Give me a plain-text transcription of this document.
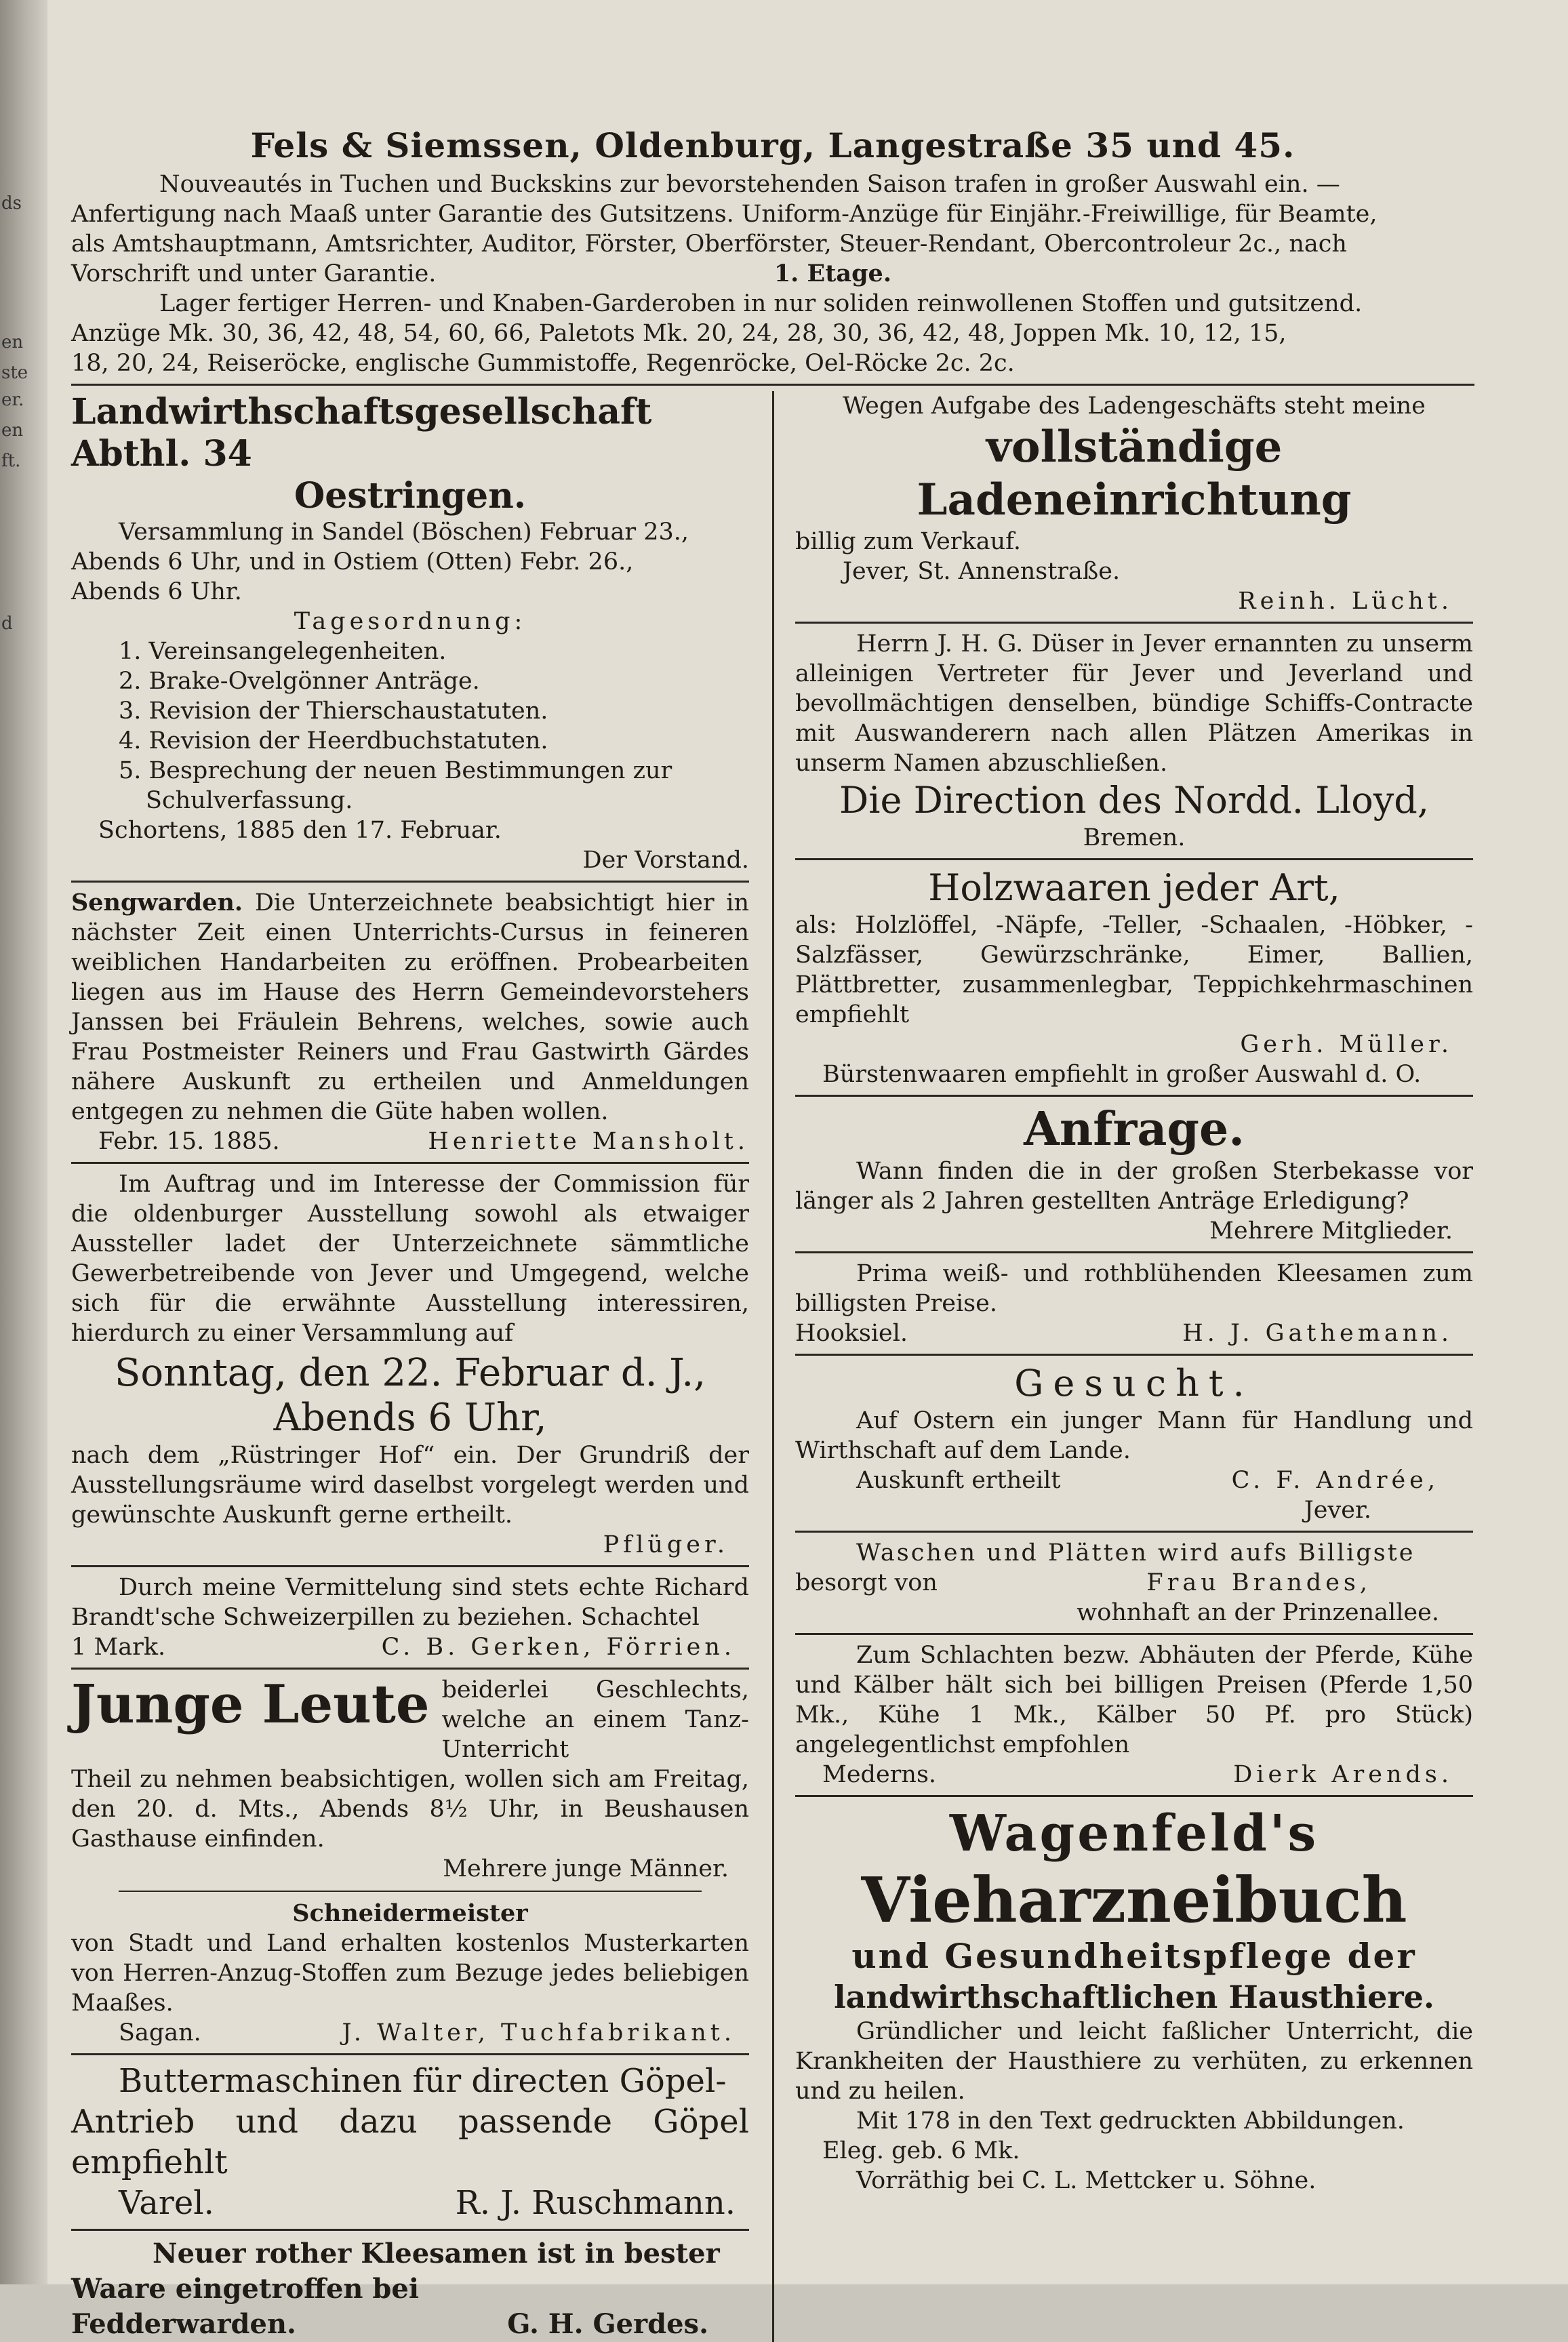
ds
en
ste
er.
en
ft.
d
Fels & Siemssen, Oldenburg, Langestraße 35 und 45.
Nouveautés in Tuchen und Buckskins zur bevorstehenden Saison trafen in großer Auswahl ein. —
Anfertigung nach Maaß unter Garantie des Gutsitzens. Uniform-Anzüge für Einjähr.-Freiwillige, für Beamte,
als Amtshauptmann, Amtsrichter, Auditor, Förster, Oberförster, Steuer-Rendant, Obercontroleur 2c., nach
Vorschrift und unter Garantie.	1. Etage.
Lager fertiger Herren- und Knaben-Garderoben in nur soliden reinwollenen Stoffen und gutsitzend.
Anzüge Mk. 30, 36, 42, 48, 54, 60, 66, Paletots Mk. 20, 24, 28, 30, 36, 42, 48, Joppen Mk. 10, 12, 15,
18, 20, 24, Reiseröcke, englische Gummistoffe, Regenröcke, Oel-Röcke 2c. 2c.
Landwirthschaftsgesellschaft Abthl. 34
Oestringen.
Versammlung in Sandel (Böschen) Februar 23.,
Abends 6 Uhr, und in Ostiem (Otten) Febr. 26.,
Abends 6 Uhr.
Tagesordnung:
1. Vereinsangelegenheiten.
2. Brake-Ovelgönner Anträge.
3. Revision der Thierschaustatuten.
4. Revision der Heerdbuchstatuten.
5. Besprechung der neuen Bestimmungen zur
Schulverfassung.
Schortens, 1885 den 17. Februar.
Der Vorstand.
Sengwarden. Die Unterzeichnete beabsichtigt hier in nächster Zeit einen Unterrichts-Cursus in feineren weiblichen Handarbeiten zu eröffnen. Probearbeiten liegen aus im Hause des Herrn Gemeindevorstehers Janssen bei Fräulein Behrens, welches, sowie auch Frau Postmeister Reiners und Frau Gastwirth Gärdes nähere Auskunft zu ertheilen und Anmeldungen entgegen zu nehmen die Güte haben wollen.
Febr. 15. 1885.	Henriette Mansholt.
Im Auftrag und im Interesse der Commission für die oldenburger Ausstellung sowohl als etwaiger Aussteller ladet der Unterzeichnete sämmtliche Gewerbetreibende von Jever und Umgegend, welche sich für die erwähnte Ausstellung interessiren, hierdurch zu einer Versammlung auf
Sonntag, den 22. Februar d. J.,
Abends 6 Uhr,
nach dem „Rüstringer Hof“ ein. Der Grundriß der Ausstellungsräume wird daselbst vorgelegt werden und gewünschte Auskunft gerne ertheilt.
Pflüger.
Durch meine Vermittelung sind stets echte Richard Brandt'sche Schweizerpillen zu beziehen. Schachtel
1 Mark.	C. B. Gerken, Förrien.
Junge Leute beiderlei Geschlechts, welche an einem Tanz-Unterricht
Theil zu nehmen beabsichtigen, wollen sich am Freitag, den 20. d. Mts., Abends 8½ Uhr, in Beushausen Gasthause einfinden.
Mehrere junge Männer.
Schneidermeister
von Stadt und Land erhalten kostenlos Musterkarten von Herren-Anzug-Stoffen zum Bezuge jedes beliebigen Maaßes.
Sagan.	J. Walter, Tuchfabrikant.
Buttermaschinen für directen Göpel-
Antrieb und dazu passende Göpel empfiehlt
Varel.	R. J. Ruschmann.
Neuer rother Kleesamen ist in bester
Waare eingetroffen bei
Fedderwarden.	G. H. Gerdes.
Wegen Aufgabe des Ladengeschäfts steht meine
vollständige Ladeneinrichtung
billig zum Verkauf.
Jever, St. Annenstraße.
Reinh. Lücht.
Herrn J. H. G. Düser in Jever ernannten zu unserm alleinigen Vertreter für Jever und Jeverland und bevollmächtigen denselben, bündige Schiffs-Contracte mit Auswanderern nach allen Plätzen Amerikas in unserm Namen abzuschließen.
Die Direction des Nordd. Lloyd,
Bremen.
Holzwaaren jeder Art,
als: Holzlöffel, -Näpfe, -Teller, -Schaalen, -Höbker, -Salzfässer, Gewürzschränke, Eimer, Ballien, Plättbretter, zusammenlegbar, Teppichkehrmaschinen empfiehlt
Gerh. Müller.
Bürstenwaaren empfiehlt in großer Auswahl d. O.
Anfrage.
Wann finden die in der großen Sterbekasse vor länger als 2 Jahren gestellten Anträge Erledigung?
Mehrere Mitglieder.
Prima weiß- und rothblühenden Kleesamen zum billigsten Preise.
Hooksiel.	H. J. Gathemann.
Gesucht.
Auf Ostern ein junger Mann für Handlung und Wirthschaft auf dem Lande.
Auskunft ertheilt	C. F. Andrée,
Jever.
Waschen und Plätten wird aufs Billigste
besorgt von	Frau Brandes,
wohnhaft an der Prinzenallee.
Zum Schlachten bezw. Abhäuten der Pferde, Kühe und Kälber hält sich bei billigen Preisen (Pferde 1,50 Mk., Kühe 1 Mk., Kälber 50 Pf. pro Stück) angelegentlichst empfohlen
Mederns.	Dierk Arends.
Wagenfeld's
Vieharzneibuch
und Gesundheitspflege der
landwirthschaftlichen Hausthiere.
Gründlicher und leicht faßlicher Unterricht, die Krankheiten der Hausthiere zu verhüten, zu erkennen und zu heilen.
Mit 178 in den Text gedruckten Abbildungen.
Eleg. geb. 6 Mk.
Vorräthig bei C. L. Mettcker u. Söhne.
